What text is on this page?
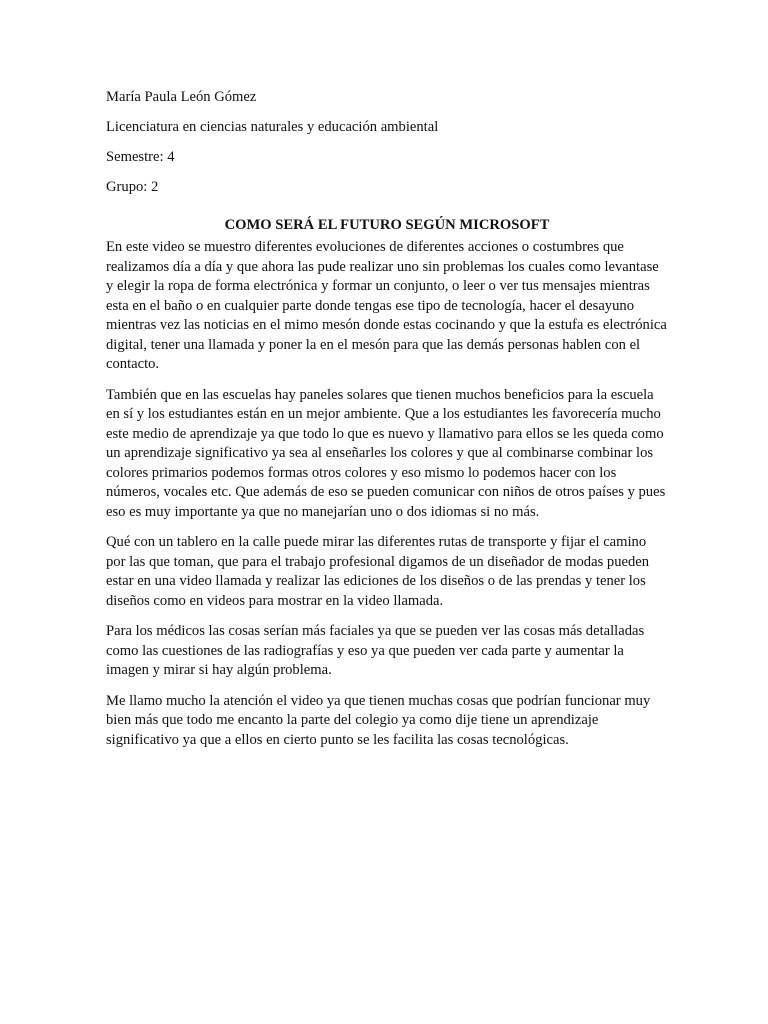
María Paula León Gómez
Licenciatura en ciencias naturales y educación ambiental
Semestre: 4
Grupo: 2
COMO SERÁ EL FUTURO SEGÚN MICROSOFT

En este video se muestro diferentes evoluciones de diferentes acciones o costumbres que realizamos día a día y que ahora las pude realizar uno sin problemas los cuales como levantase y elegir la ropa de forma electrónica y formar un conjunto, o leer o ver tus mensajes mientras esta en el baño o en cualquier parte donde tengas ese tipo de tecnología, hacer el desayuno mientras vez las noticias en el mimo mesón donde estas cocinando y que la estufa es electrónica digital, tener una llamada y poner la en el mesón para que las demás personas hablen con el contacto.

También que en las escuelas hay paneles solares que tienen muchos beneficios para la escuela en sí y los estudiantes están en un mejor ambiente. Que a los estudiantes les favorecería mucho este medio de aprendizaje ya que todo lo que es nuevo y llamativo para ellos se les queda como un aprendizaje significativo ya sea al enseñarles los colores y que al combinarse combinar los colores primarios podemos formas otros colores y eso mismo lo podemos hacer con los números, vocales etc. Que además de eso se pueden comunicar con niños de otros países y pues eso es muy importante ya que no manejarían uno o dos idiomas si no más.

Qué con un tablero en la calle puede mirar las diferentes rutas de transporte y fijar el camino por las que toman, que para el trabajo profesional digamos de un diseñador de modas pueden estar en una video llamada y realizar las ediciones de los diseños o de las prendas y tener los diseños como en videos para mostrar en la video llamada.

Para los médicos las cosas serían más faciales ya que se pueden ver las cosas más detalladas como las cuestiones de las radiografías y eso ya que pueden ver cada parte y aumentar la imagen y mirar si hay algún problema.

Me llamo mucho la atención el video ya que tienen muchas cosas que podrían funcionar muy bien más que todo me encanto la parte del colegio ya como dije tiene un aprendizaje significativo ya que a ellos en cierto punto se les facilita las cosas tecnológicas.
